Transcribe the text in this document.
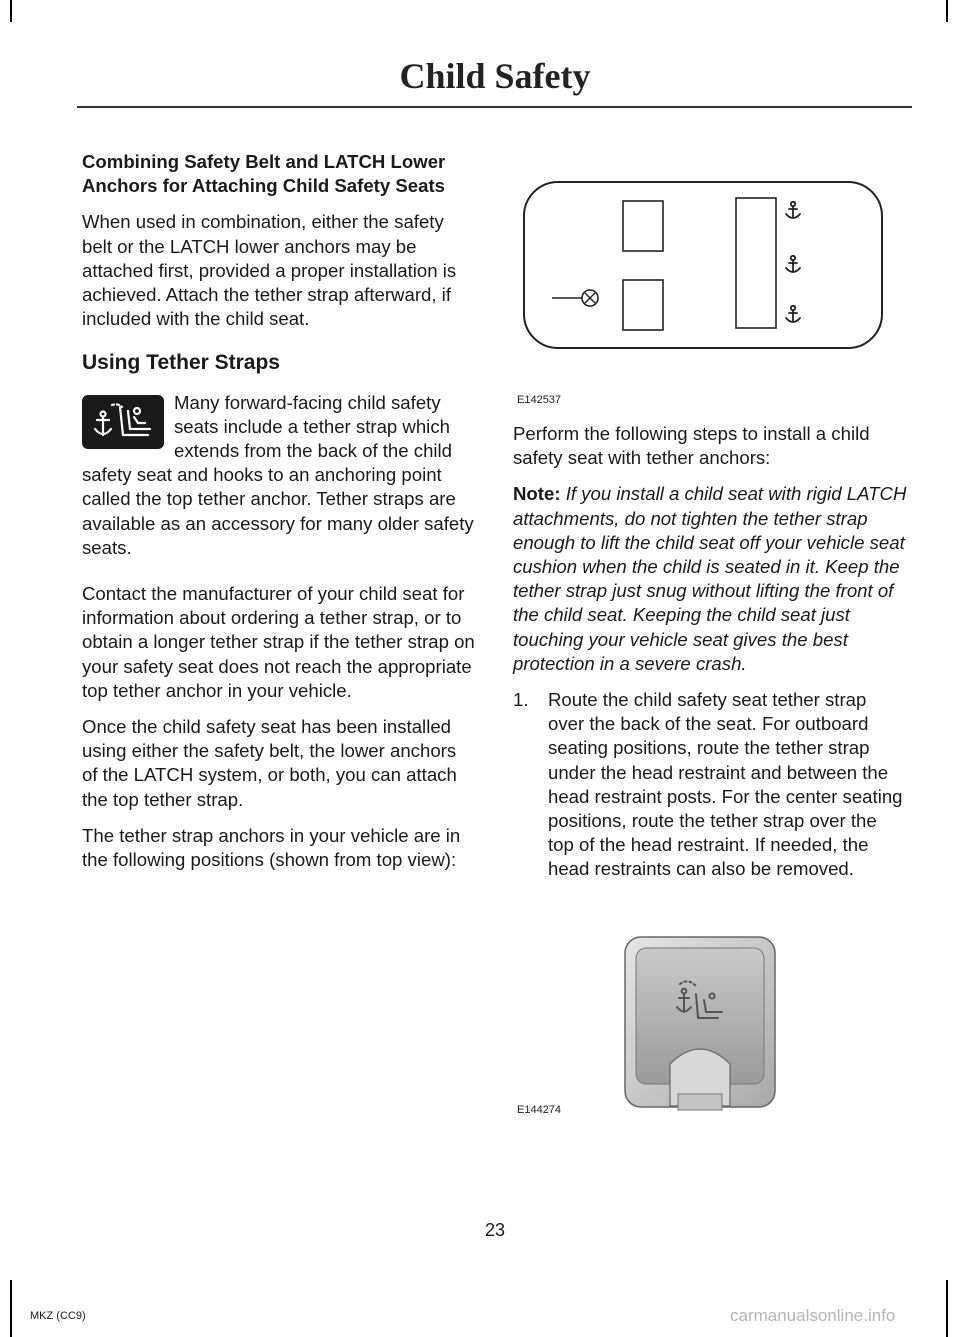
Child Safety

Combining Safety Belt and LATCH Lower Anchors for Attaching Child Safety Seats

When used in combination, either the safety belt or the LATCH lower anchors may be attached first, provided a proper installation is achieved. Attach the tether strap afterward, if included with the child seat.

Using Tether Straps
Many forward-facing child safety seats include a tether strap which extends from the back of the child safety seat and hooks to an anchoring point called the top tether anchor. Tether straps are available as an accessory for many older safety seats.

Contact the manufacturer of your child seat for information about ordering a tether strap, or to obtain a longer tether strap if the tether strap on your safety seat does not reach the appropriate top tether anchor in your vehicle.

Once the child safety seat has been installed using either the safety belt, the lower anchors of the LATCH system, or both, you can attach the top tether strap.

The tether strap anchors in your vehicle are in the following positions (shown from top view):

E142537

Perform the following steps to install a child safety seat with tether anchors:

Note: If you install a child seat with rigid LATCH attachments, do not tighten the tether strap enough to lift the child seat off your vehicle seat cushion when the child is seated in it. Keep the tether strap just snug without lifting the front of the child seat. Keeping the child seat just touching your vehicle seat gives the best protection in a severe crash.

1.	Route the child safety seat tether strap over the back of the seat. For outboard seating positions, route the tether strap under the head restraint and between the head restraint posts. For the center seating positions, route the tether strap over the top of the head restraint. If needed, the head restraints can also be removed.
E144274
23
MKZ (CC9)	carmanualsonline.info
